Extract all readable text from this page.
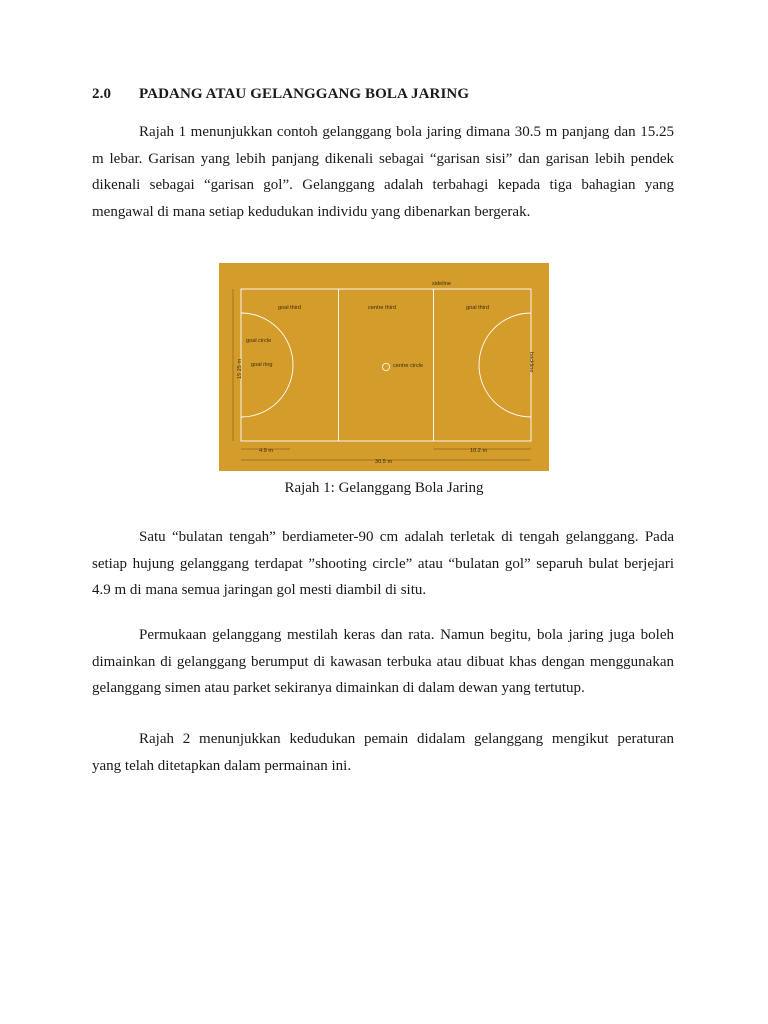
2.0 PADANG ATAU GELANGGANG BOLA JARING
Rajah 1 menunjukkan contoh gelanggang bola jaring dimana 30.5 m panjang dan 15.25
m lebar. Garisan yang lebih panjang dikenali sebagai “garisan sisi” dan garisan lebih pendek
dikenali sebagai “garisan gol”. Gelanggang adalah terbahagi kepada tiga bahagian yang
mengawal di mana setiap kedudukan individu yang dibenarkan bergerak.
sideline
goal third	centre third	goal third
goal circle
goal ring	centre circle	backline
15.25 m
4.9 m	10.2 m
30.5 m
Rajah 1: Gelanggang Bola Jaring
Satu “bulatan tengah” berdiameter-90 cm adalah terletak di tengah gelanggang. Pada
setiap hujung gelanggang terdapat ”shooting circle” atau “bulatan gol” separuh bulat berjejari
4.9 m di mana semua jaringan gol mesti diambil di situ.
Permukaan gelanggang mestilah keras dan rata. Namun begitu, bola jaring juga boleh
dimainkan di gelanggang berumput di kawasan terbuka atau dibuat khas dengan menggunakan
gelanggang simen atau parket sekiranya dimainkan di dalam dewan yang tertutup.
Rajah 2 menunjukkan kedudukan pemain didalam gelanggang mengikut peraturan
yang telah ditetapkan dalam permainan ini.
